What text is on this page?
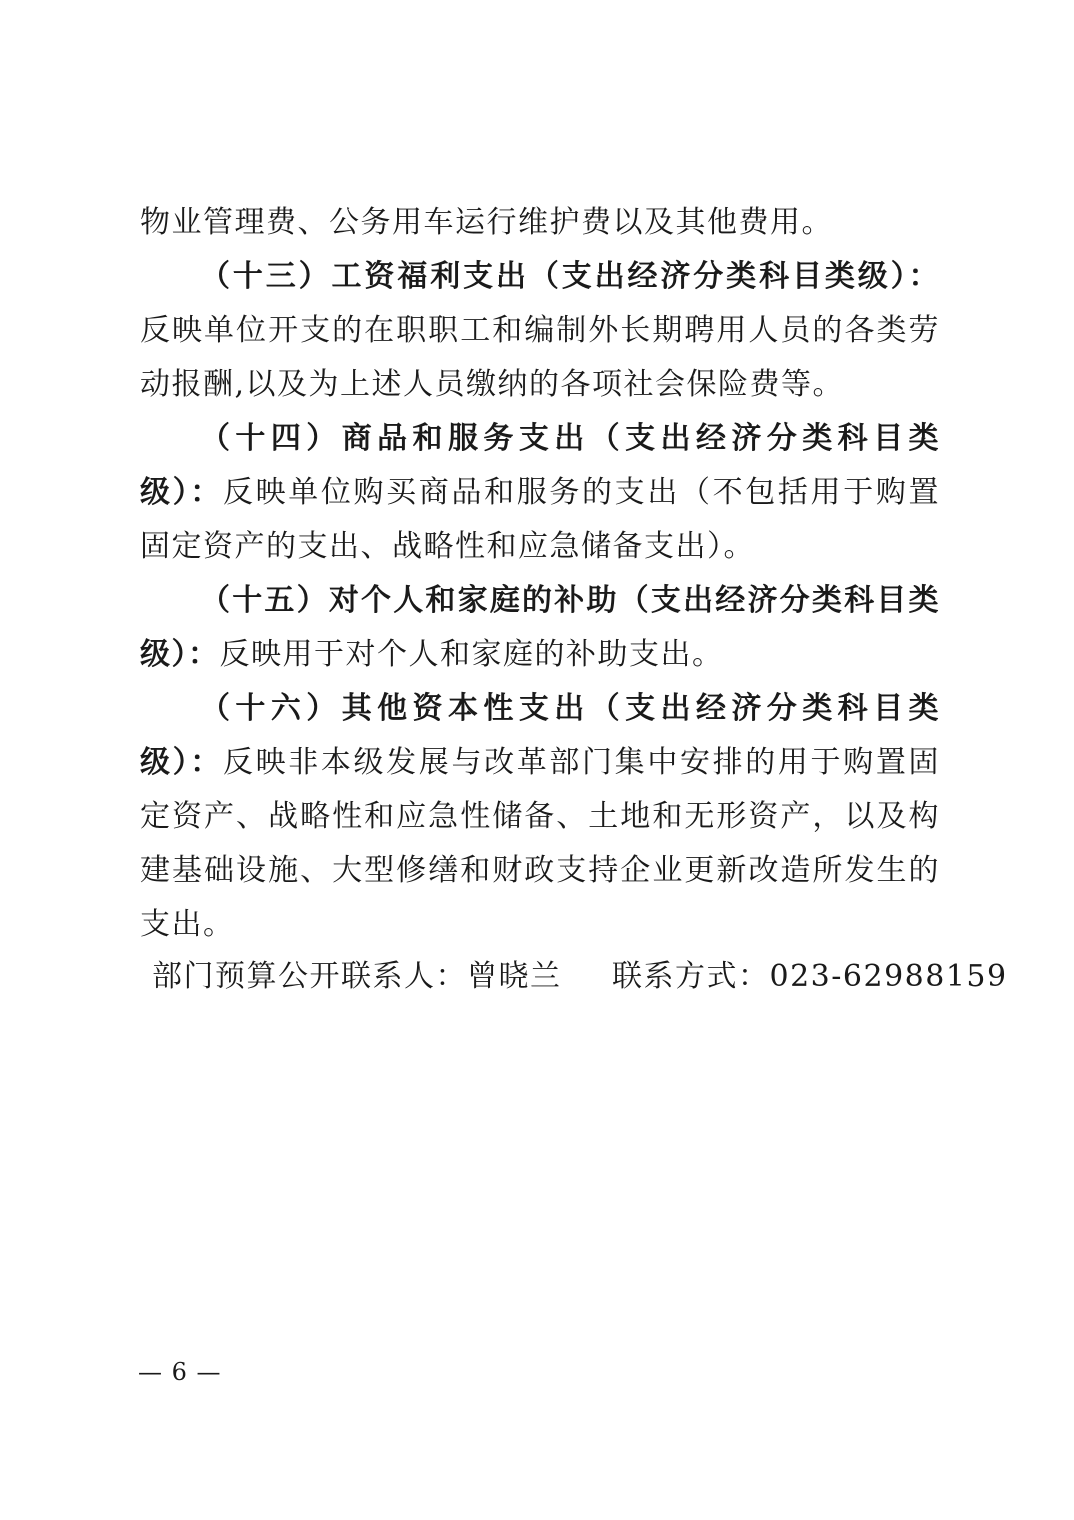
物业管理费、公务用车运行维护费以及其他费用。

（十三）工资福利支出（支出经济分类科目类级）：反映单位开支的在职职工和编制外长期聘用人员的各类劳动报酬,以及为上述人员缴纳的各项社会保险费等。

（十四）商品和服务支出（支出经济分类科目类级）：反映单位购买商品和服务的支出（不包括用于购置固定资产的支出、战略性和应急储备支出）。

（十五）对个人和家庭的补助（支出经济分类科目类级）：反映用于对个人和家庭的补助支出。

（十六）其他资本性支出（支出经济分类科目类级）：反映非本级发展与改革部门集中安排的用于购置固定资产、战略性和应急性储备、土地和无形资产，以及构建基础设施、大型修缮和财政支持企业更新改造所发生的支出。

部门预算公开联系人：曾晓兰 联系方式：023-62988159
— 6 —
